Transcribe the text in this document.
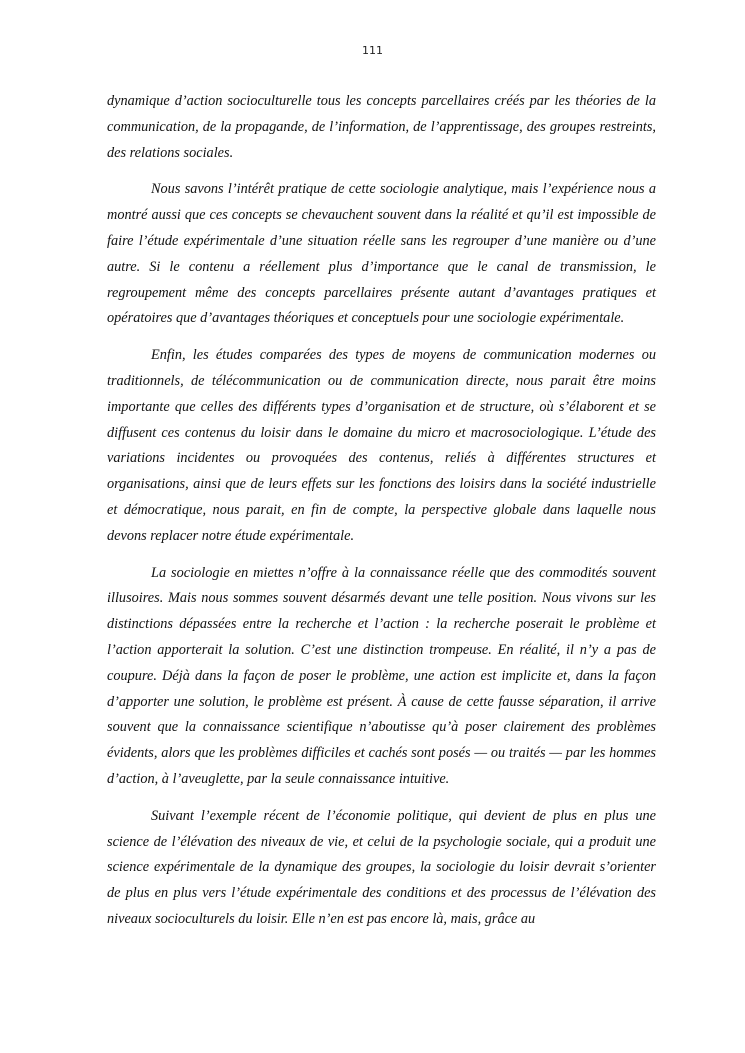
111

dynamique d’action socioculturelle tous les concepts parcellaires créés par les théories de la communication, de la propagande, de l’information, de l’apprentissage, des groupes restreints, des relations sociales.

Nous savons l’intérêt pratique de cette sociologie analytique, mais l’expérience nous a montré aussi que ces concepts se chevauchent souvent dans la réalité et qu’il est impossible de faire l’étude expérimentale d’une situation réelle sans les regrouper d’une manière ou d’une autre. Si le contenu a réellement plus d’importance que le canal de transmission, le regroupement même des concepts parcellaires présente autant d’avantages pratiques et opératoires que d’avantages théoriques et conceptuels pour une sociologie expérimentale.

Enfin, les études comparées des types de moyens de communication modernes ou traditionnels, de télécommunication ou de communication directe, nous parait être moins importante que celles des différents types d’organisation et de structure, où s’élaborent et se diffusent ces contenus du loisir dans le domaine du micro et macrosociologique. L’étude des variations incidentes ou provoquées des contenus, reliés à différentes structures et organisations, ainsi que de leurs effets sur les fonctions des loisirs dans la société industrielle et démocratique, nous parait, en fin de compte, la perspective globale dans laquelle nous devons replacer notre étude expérimentale.

La sociologie en miettes n’offre à la connaissance réelle que des commodités souvent illusoires. Mais nous sommes souvent désarmés devant une telle position. Nous vivons sur les distinctions dépassées entre la recherche et l’action : la recherche poserait le problème et l’action apporterait la solution. C’est une distinction trompeuse. En réalité, il n’y a pas de coupure. Déjà dans la façon de poser le problème, une action est implicite et, dans la façon d’apporter une solution, le problème est présent. À cause de cette fausse séparation, il arrive souvent que la connaissance scientifique n’aboutisse qu’à poser clairement des problèmes évidents, alors que les problèmes difficiles et cachés sont posés — ou traités — par les hommes d’action, à l’aveuglette, par la seule connaissance intuitive.

Suivant l’exemple récent de l’économie politique, qui devient de plus en plus une science de l’élévation des niveaux de vie, et celui de la psychologie sociale, qui a produit une science expérimentale de la dynamique des groupes, la sociologie du loisir devrait s’orienter de plus en plus vers l’étude expérimentale des conditions et des processus de l’élévation des niveaux socioculturels du loisir. Elle n’en est pas encore là, mais, grâce au
